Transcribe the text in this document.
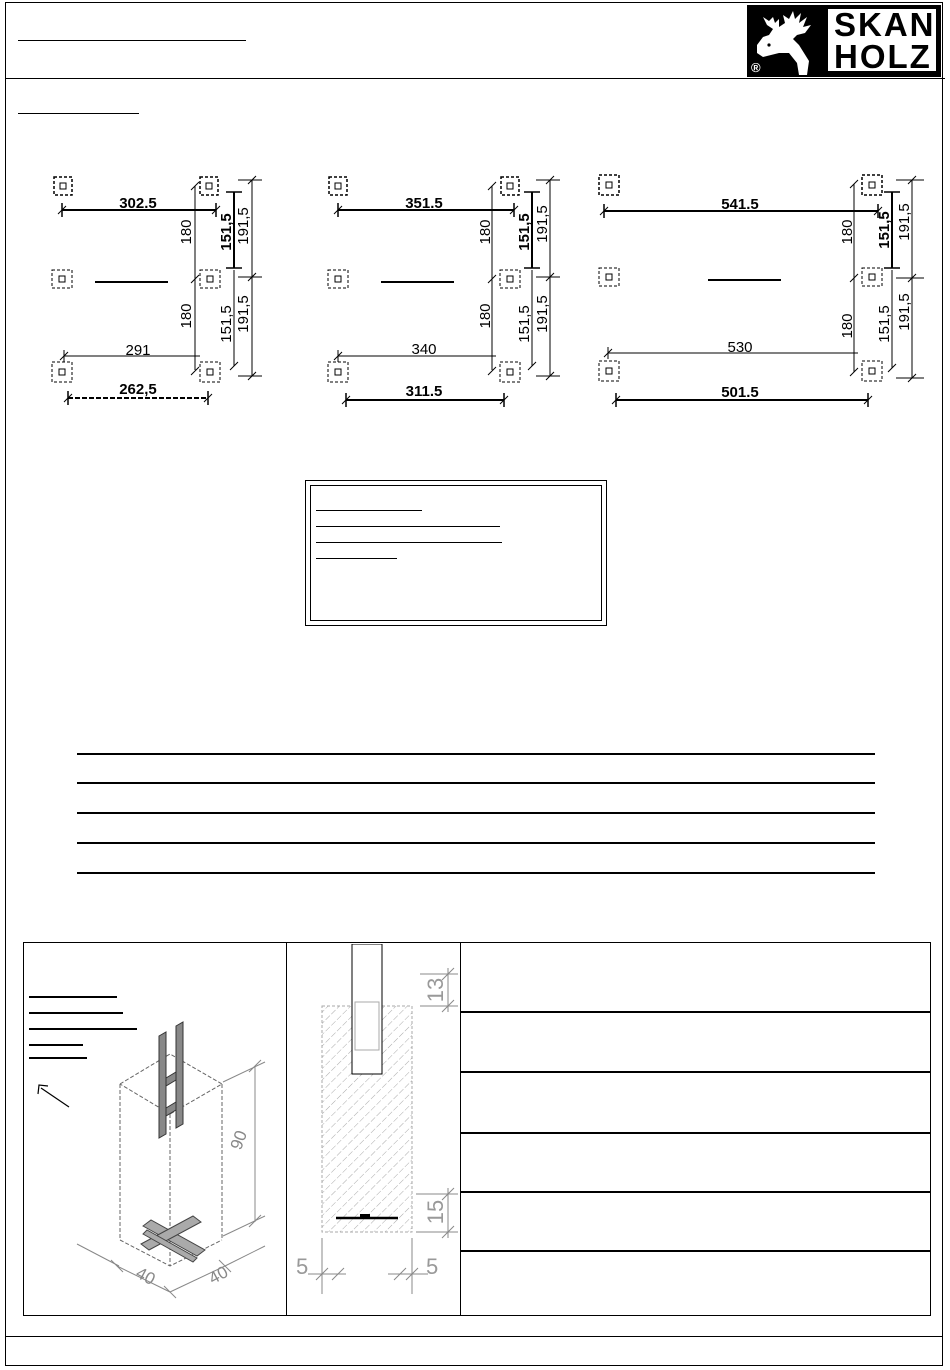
SKAN
HOLZ
®
302.5
291
262,5
180
180
151,5 191,5
151,5 191,5
351.5
340
311.5
180
180
151,5 191,5
151,5 191,5
541.5
530
501.5
180
180
151,5 191,5
151,5 191,5
90
40	40
13
15
5	5
